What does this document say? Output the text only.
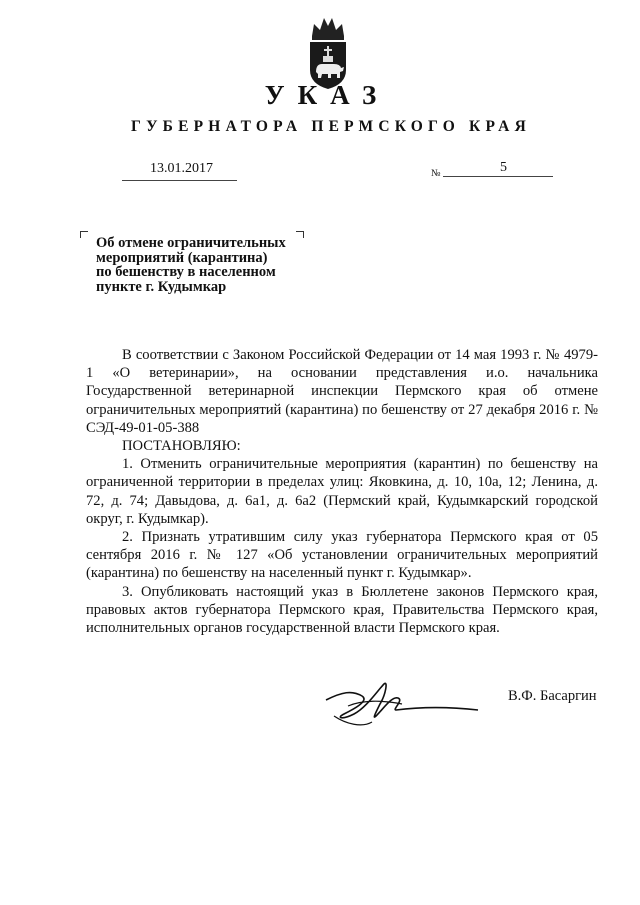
УКАЗ
ГУБЕРНАТОРА ПЕРМСКОГО КРАЯ
13.01.2017	№	5
Об отмене ограничительных
мероприятий (карантина)
по бешенству в населенном
пункте г. Кудымкар

В соответствии с Законом Российской Федерации от 14 мая 1993 г. № 4979-1 «О ветеринарии», на основании представления и.о. начальника Государственной ветеринарной инспекции Пермского края об отмене ограничительных мероприятий (карантина) по бешенству от 27 декабря 2016 г. № СЭД-49-01-05-388

ПОСТАНОВЛЯЮ:

1. Отменить ограничительные мероприятия (карантин) по бешенству на ограниченной территории в пределах улиц: Яковкина, д. 10, 10а, 12; Ленина, д. 72, д. 74; Давыдова, д. 6а1, д. 6а2 (Пермский край, Кудымкарский городской округ, г. Кудымкар).

2. Признать утратившим силу указ губернатора Пермского края от 05 сентября 2016 г. № 127 «Об установлении ограничительных мероприятий (карантина) по бешенству на населенный пункт г. Кудымкар».

3. Опубликовать настоящий указ в Бюллетене законов Пермского края, правовых актов губернатора Пермского края, Правительства Пермского края, исполнительных органов государственной власти Пермского края.

В.Ф. Басаргин
